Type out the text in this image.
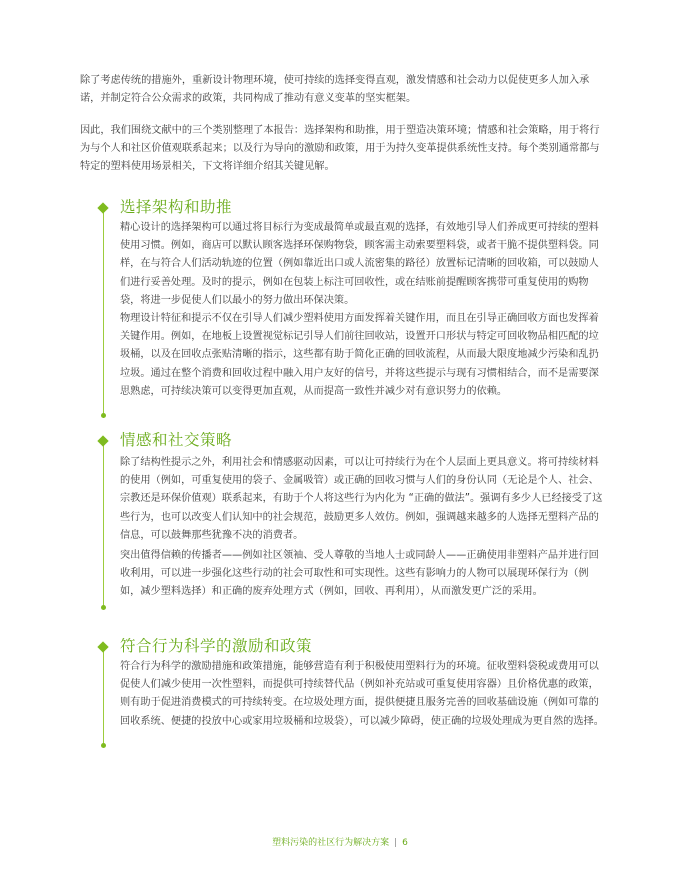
除了考虑传统的措施外，重新设计物理环境，使可持续的选择变得直观，激发情感和社会动力以促使更多人加入承诺，并制定符合公众需求的政策，共同构成了推动有意义变革的坚实框架。

因此，我们围绕文献中的三个类别整理了本报告：选择架构和助推，用于塑造决策环境；情感和社会策略，用于将行为与个人和社区价值观联系起来；以及行为导向的激励和政策，用于为持久变革提供系统性支持。每个类别通常都与特定的塑料使用场景相关，下文将详细介绍其关键见解。

选择架构和助推

精心设计的选择架构可以通过将目标行为变成最简单或最直观的选择，有效地引导人们养成更可持续的塑料使用习惯。例如，商店可以默认顾客选择环保购物袋，顾客需主动索要塑料袋，或者干脆不提供塑料袋。同样，在与符合人们活动轨迹的位置（例如靠近出口或人流密集的路径）放置标记清晰的回收箱，可以鼓励人们进行妥善处理。及时的提示，例如在包装上标注可回收性，或在结账前提醒顾客携带可重复使用的购物袋，将进一步促使人们以最小的努力做出环保决策。

物理设计特征和提示不仅在引导人们减少塑料使用方面发挥着关键作用，而且在引导正确回收方面也发挥着关键作用。例如，在地板上设置视觉标记引导人们前往回收站，设置开口形状与特定可回收物品相匹配的垃圾桶，以及在回收点张贴清晰的指示，这些都有助于简化正确的回收流程，从而最大限度地减少污染和乱扔垃圾。通过在整个消费和回收过程中融入用户友好的信号，并将这些提示与现有习惯相结合，而不是需要深思熟虑，可持续决策可以变得更加直观，从而提高一致性并减少对有意识努力的依赖。

情感和社交策略

除了结构性提示之外，利用社会和情感驱动因素，可以让可持续行为在个人层面上更具意义。将可持续材料的使用（例如，可重复使用的袋子、金属吸管）或正确的回收习惯与人们的身份认同（无论是个人、社会、宗教还是环保价值观）联系起来，有助于个人将这些行为内化为 “正确的做法”。强调有多少人已经接受了这些行为，也可以改变人们认知中的社会规范，鼓励更多人效仿。例如，强调越来越多的人选择无塑料产品的信息，可以鼓舞那些犹豫不决的消费者。

突出值得信赖的传播者——例如社区领袖、受人尊敬的当地人士或同龄人——正确使用非塑料产品并进行回收利用，可以进一步强化这些行动的社会可取性和可实现性。这些有影响力的人物可以展现环保行为（例如，减少塑料选择）和正确的废弃处理方式（例如，回收、再利用），从而激发更广泛的采用。

符合行为科学的激励和政策

符合行为科学的激励措施和政策措施，能够营造有利于积极使用塑料行为的环境。征收塑料袋税或费用可以促使人们减少使用一次性塑料，而提供可持续替代品（例如补充站或可重复使用容器）且价格优惠的政策，则有助于促进消费模式的可持续转变。在垃圾处理方面，提供便捷且服务完善的回收基础设施（例如可靠的回收系统、便捷的投放中心或家用垃圾桶和垃圾袋），可以减少障碍，使正确的垃圾处理成为更自然的选择。

塑料污染的社区行为解决方案 | 6
